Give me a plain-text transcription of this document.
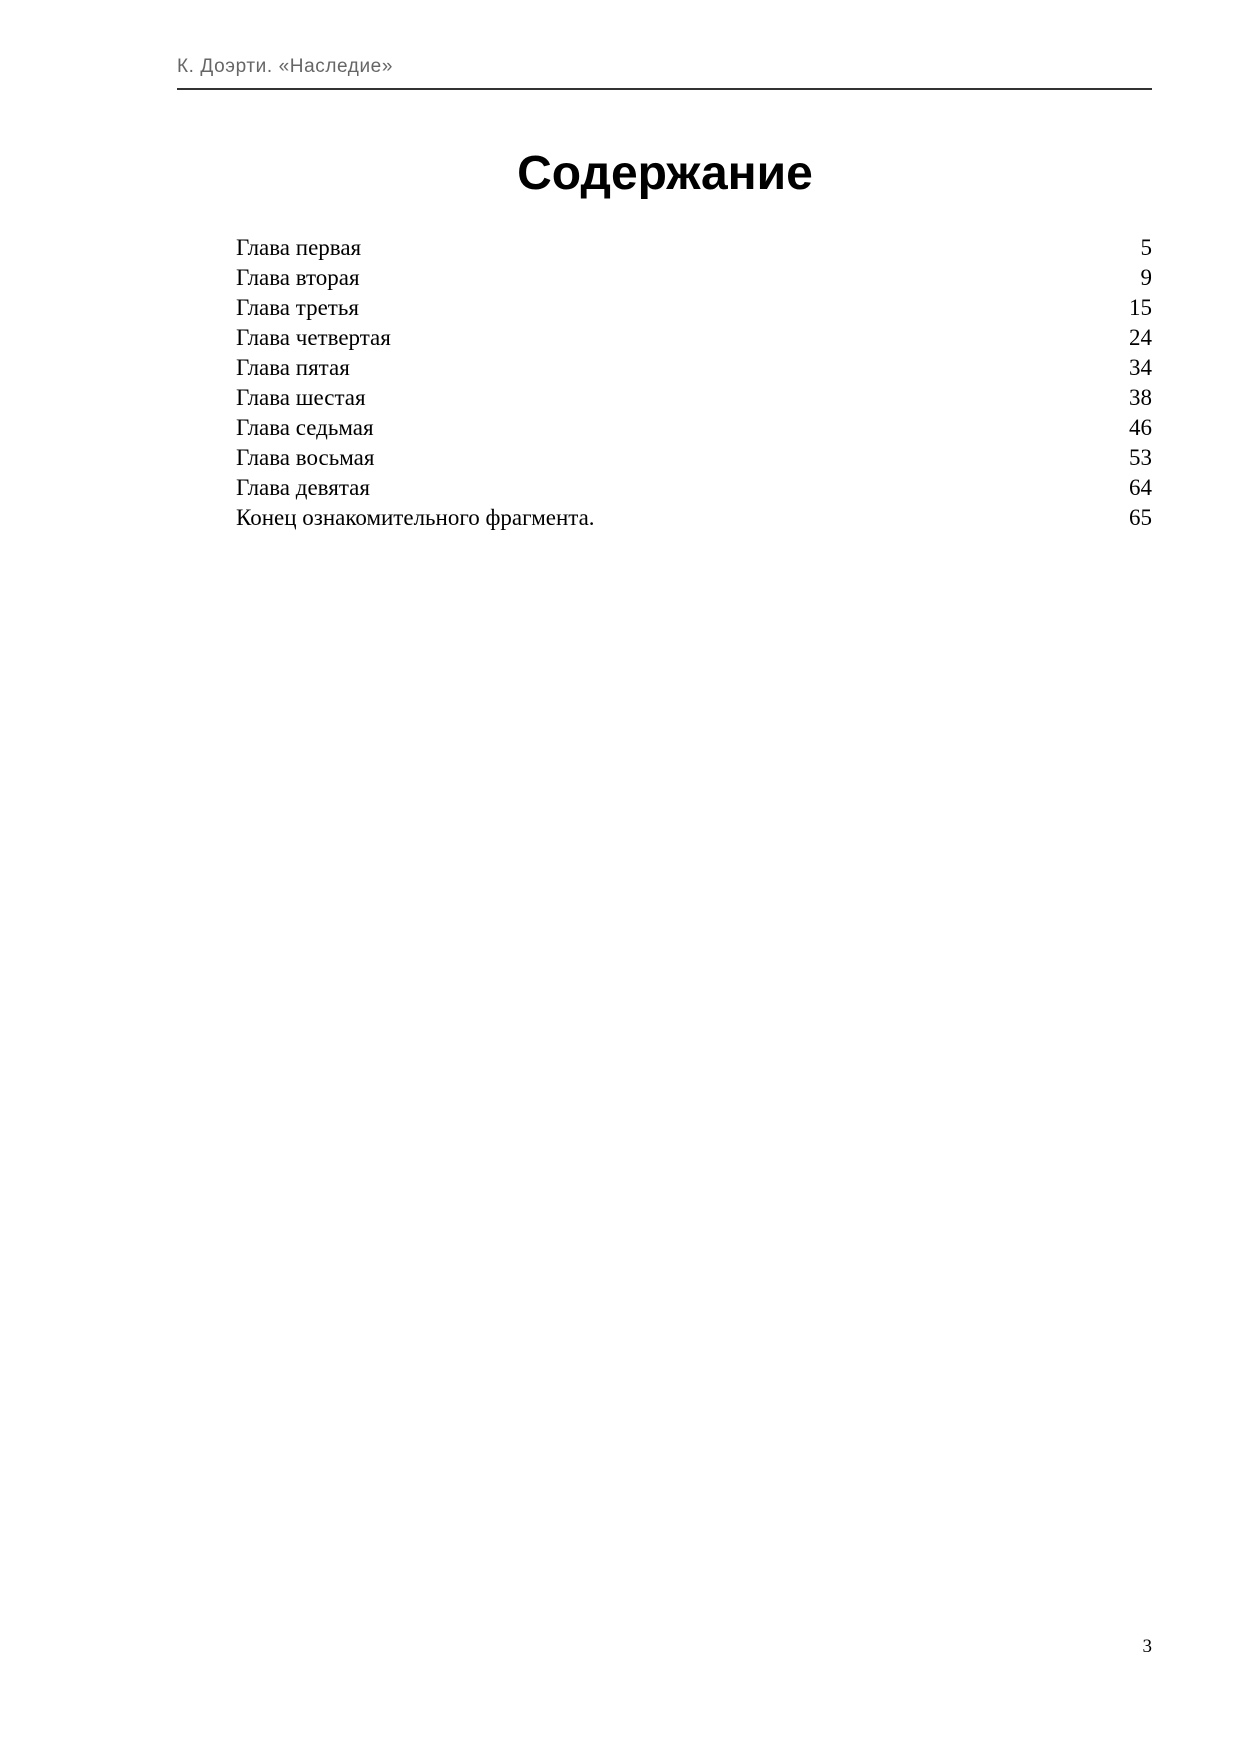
К. Доэрти. «Наследие»
Содержание
Глава первая	5
Глава вторая	9
Глава третья	15
Глава четвертая	24
Глава пятая	34
Глава шестая	38
Глава седьмая	46
Глава восьмая	53
Глава девятая	64
Конец ознакомительного фрагмента.	65
3
